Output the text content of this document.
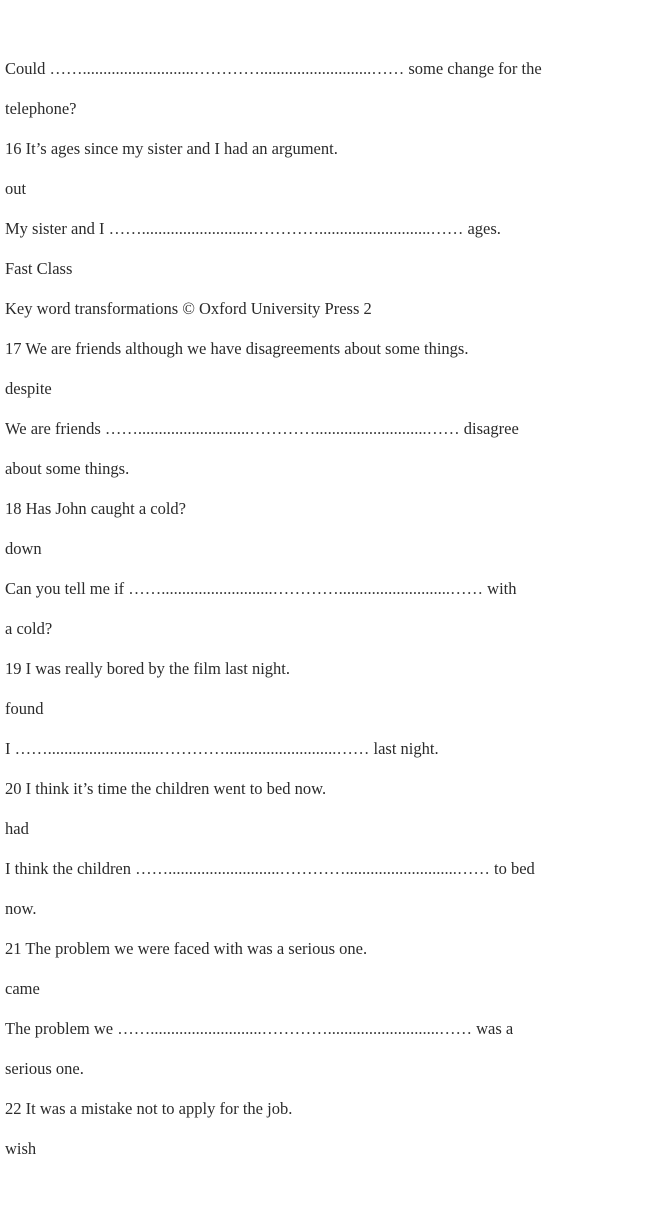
Could ……...........................…………...........................…… some change for the
telephone?
16 It’s ages since my sister and I had an argument.
out
My sister and I ……...........................…………...........................…… ages.
Fast Class
Key word transformations © Oxford University Press 2
17 We are friends although we have disagreements about some things.
despite
We are friends ……...........................…………...........................…… disagree
about some things.
18 Has John caught a cold?
down
Can you tell me if ……...........................…………...........................…… with
a cold?
19 I was really bored by the film last night.
found
I ……...........................…………...........................…… last night.
20 I think it’s time the children went to bed now.
had
I think the children ……...........................…………...........................…… to bed
now.
21 The problem we were faced with was a serious one.
came
The problem we ……...........................…………...........................…… was a
serious one.
22 It was a mistake not to apply for the job.
wish
